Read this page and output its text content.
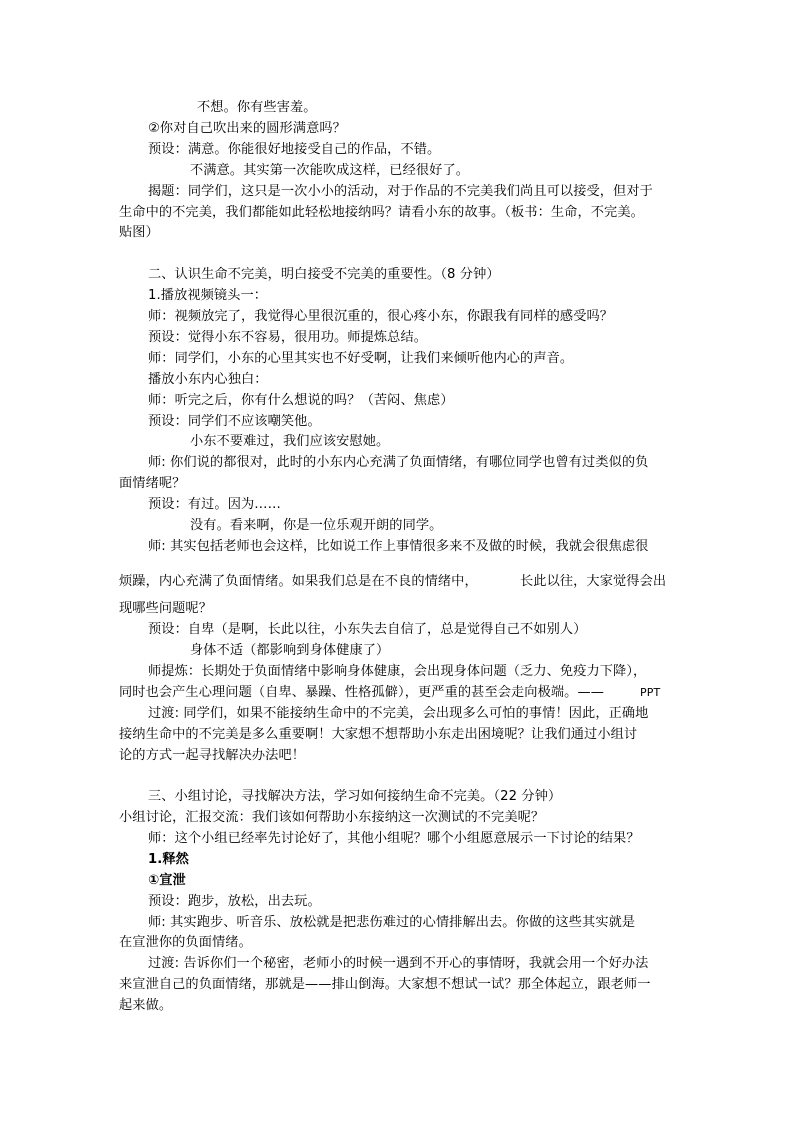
不想。你有些害羞。
②你对自己吹出来的圆形满意吗？
预设：满意。你能很好地接受自己的作品，不错。
不满意。其实第一次能吹成这样，已经很好了。
揭题：同学们，这只是一次小小的活动，对于作品的不完美我们尚且可以接受，但对于
生命中的不完美，我们都能如此轻松地接纳吗？请看小东的故事。（板书：生命，不完美。
贴图）
二、认识生命不完美，明白接受不完美的重要性。（8 分钟）
1.播放视频镜头一：
师：视频放完了，我觉得心里很沉重的，很心疼小东，你跟我有同样的感受吗？
预设：觉得小东不容易，很用功。师提炼总结。
师：同学们，小东的心里其实也不好受啊，让我们来倾听他内心的声音。
播放小东内心独白：
师：听完之后，你有什么想说的吗？（苦闷、焦虑）
预设：同学们不应该嘲笑他。
小东不要难过，我们应该安慰她。
师: 你们说的都很对，此时的小东内心充满了负面情绪，有哪位同学也曾有过类似的负
面情绪呢？
预设：有过。因为……
没有。看来啊，你是一位乐观开朗的同学。
师: 其实包括老师也会这样，比如说工作上事情很多来不及做的时候，我就会很焦虑很
烦躁，内心充满了负面情绪。如果我们总是在不良的情绪中，	长此以往，大家觉得会出
现哪些问题呢？
预设：自卑（是啊，长此以往，小东失去自信了，总是觉得自己不如别人）
身体不适（都影响到身体健康了）
师提炼：长期处于负面情绪中影响身体健康，会出现身体问题（乏力、免疫力下降），
同时也会产生心理问题（自卑、暴躁、性格孤僻），更严重的甚至会走向极端。——	PPT
过渡: 同学们，如果不能接纳生命中的不完美，会出现多么可怕的事情！因此，正确地
接纳生命中的不完美是多么重要啊！大家想不想帮助小东走出困境呢？让我们通过小组讨
论的方式一起寻找解决办法吧！
三、小组讨论，寻找解决方法，学习如何接纳生命不完美。（22 分钟）
小组讨论，汇报交流：我们该如何帮助小东接纳这一次测试的不完美呢？
师：这个小组已经率先讨论好了，其他小组呢？哪个小组愿意展示一下讨论的结果？
1.释然
①宣泄
预设：跑步，放松，出去玩。
师: 其实跑步、听音乐、放松就是把悲伤难过的心情排解出去。你做的这些其实就是
在宣泄你的负面情绪。
过渡: 告诉你们一个秘密，老师小的时候一遇到不开心的事情呀，我就会用一个好办法
来宣泄自己的负面情绪，那就是——排山倒海。大家想不想试一试？那全体起立，跟老师一
起来做。
